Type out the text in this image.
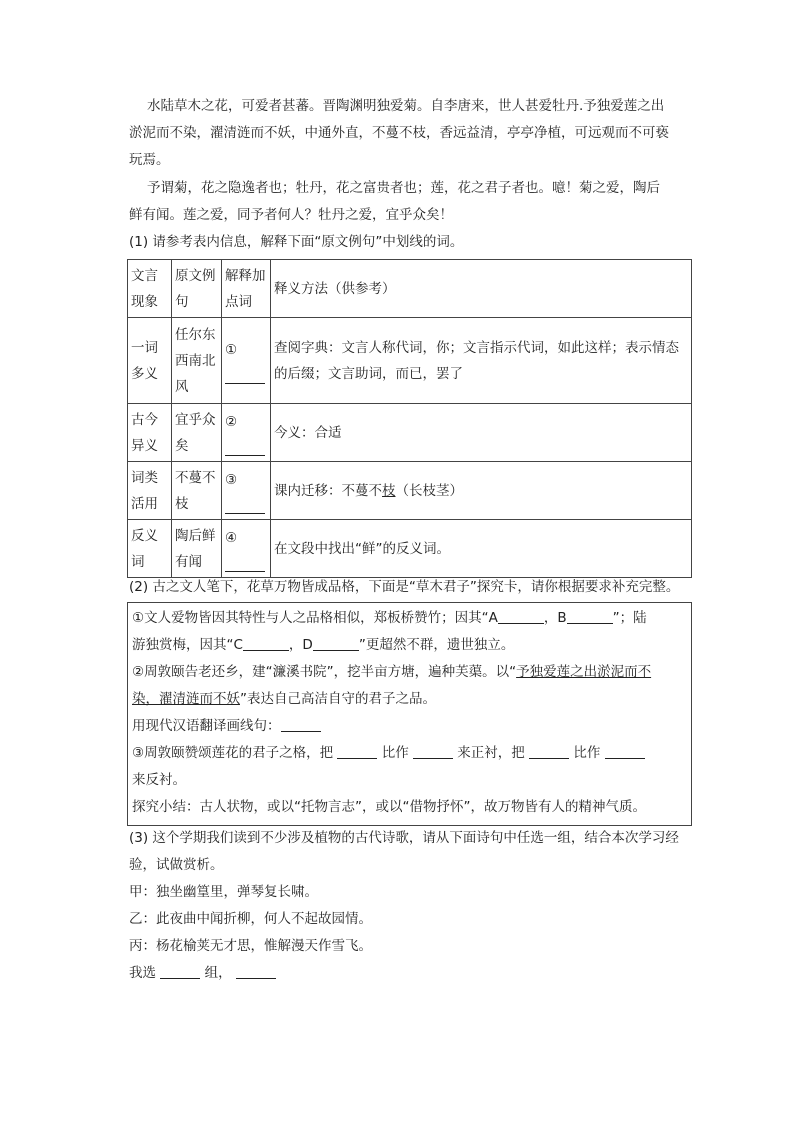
水陆草木之花，可爱者甚蕃。晋陶渊明独爱菊。自李唐来，世人甚爱牡丹.予独爱莲之出
淤泥而不染，濯清涟而不妖，中通外直，不蔓不枝，香远益清，亭亭净植，可远观而不可亵
玩焉。
予谓菊，花之隐逸者也；牡丹，花之富贵者也；莲，花之君子者也。噫！菊之爱，陶后
鲜有闻。莲之爱，同予者何人？牡丹之爱，宜乎众矣！
(1) 请参考表内信息，解释下面“原文例句”中划线的词。
文言现象	原文例句	解释加点词	释义方法（供参考）
一词多义	任尔东西南北风	①	查阅字典：文言人称代词，你；文言指示代词，如此这样；表示情态的后缀；文言助词，而已，罢了
古今异义	宜乎众矣	②	今义：合适
词类活用	不蔓不枝	③	课内迁移：不蔓不枝（长枝茎）
反义词	陶后鲜有闻	④	在文段中找出“鲜”的反义词。
(2) 古之文人笔下，花草万物皆成品格，下面是“草木君子”探究卡，请你根据要求补充完整。
①文人爱物皆因其特性与人之品格相似，郑板桥赞竹；因其“A	，B	”；陆
游独赏梅，因其“C	，D	”更超然不群，遗世独立。
②周敦颐告老还乡，建“濂溪书院”，挖半亩方塘，遍种芙蕖。以“予独爱莲之出淤泥而不
染，濯清涟而不妖”表达自己高洁自守的君子之品。
用现代汉语翻译画线句：
③周敦颐赞颂莲花的君子之格，把	比作	来正衬，把	比作
来反衬。
探究小结：古人状物，或以“托物言志”，或以“借物抒怀”，故万物皆有人的精神气质。
(3) 这个学期我们读到不少涉及植物的古代诗歌，请从下面诗句中任选一组，结合本次学习经
验，试做赏析。
甲：独坐幽篁里，弹琴复长啸。
乙：此夜曲中闻折柳，何人不起故园情。
丙：杨花榆荚无才思，惟解漫天作雪飞。
我选	组，
